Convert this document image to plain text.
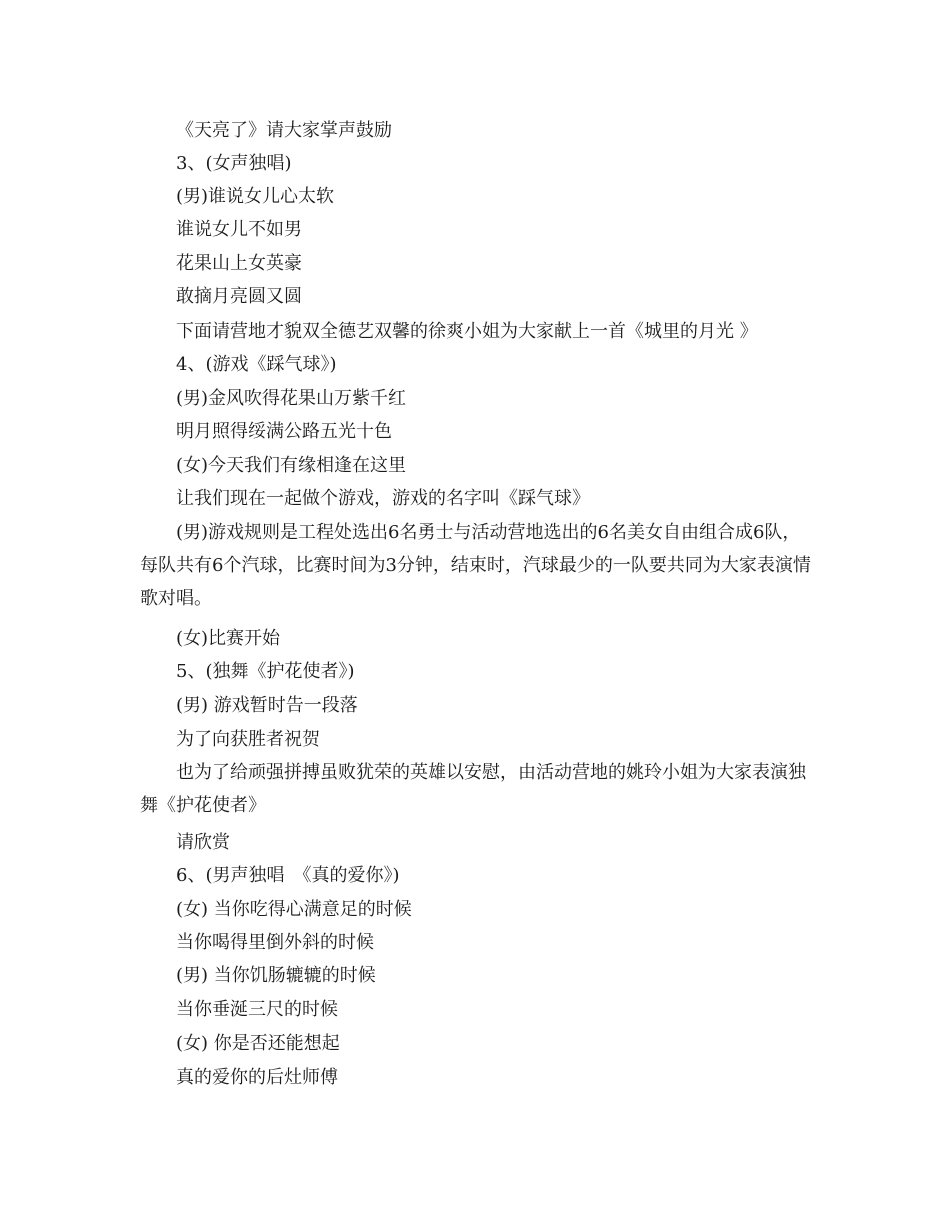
《天亮了》请大家掌声鼓励
3、(女声独唱)
(男)谁说女儿心太软
谁说女儿不如男
花果山上女英豪
敢摘月亮圆又圆
下面请营地才貌双全德艺双馨的徐爽小姐为大家献上一首《城里的月光 》
4、(游戏《踩气球》)
(男)金风吹得花果山万紫千红
明月照得绥满公路五光十色
(女)今天我们有缘相逢在这里
让我们现在一起做个游戏，游戏的名字叫《踩气球》
(男)游戏规则是工程处选出6名勇士与活动营地选出的6名美女自由组合成6队，每队共有6个汽球，比赛时间为3分钟，结束时，汽球最少的一队要共同为大家表演情歌对唱。
(女)比赛开始
5、(独舞《护花使者》)
(男) 游戏暂时告一段落
为了向获胜者祝贺
也为了给顽强拼搏虽败犹荣的英雄以安慰，由活动营地的姚玲小姐为大家表演独舞《护花使者》
请欣赏
6、(男声独唱　《真的爱你》)
(女) 当你吃得心满意足的时候
当你喝得里倒外斜的时候
(男) 当你饥肠辘辘的时候
当你垂涎三尺的时候
(女) 你是否还能想起
真的爱你的后灶师傅
